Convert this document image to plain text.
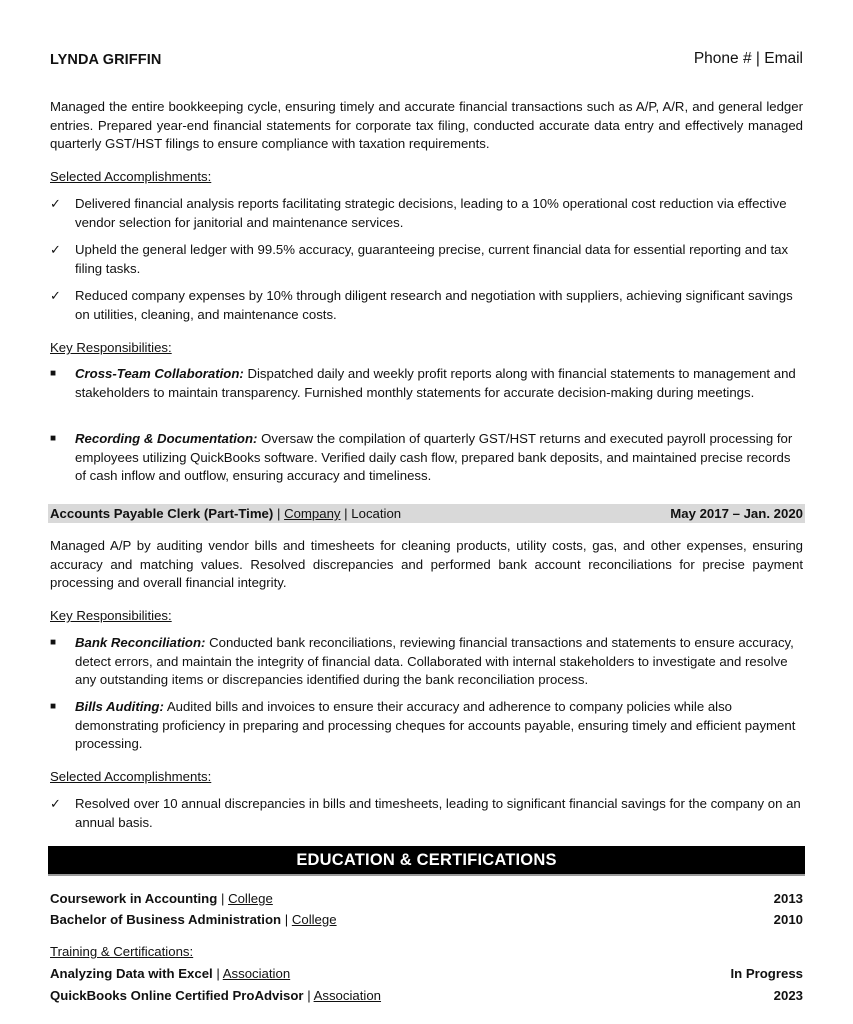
LYNDA GRIFFIN	Phone # | Email
Managed the entire bookkeeping cycle, ensuring timely and accurate financial transactions such as A/P, A/R, and general ledger entries. Prepared year-end financial statements for corporate tax filing, conducted accurate data entry and effectively managed quarterly GST/HST filings to ensure compliance with taxation requirements.
Selected Accomplishments:
✓	Delivered financial analysis reports facilitating strategic decisions, leading to a 10% operational cost reduction via effective vendor selection for janitorial and maintenance services.
✓	Upheld the general ledger with 99.5% accuracy, guaranteeing precise, current financial data for essential reporting and tax filing tasks.
✓	Reduced company expenses by 10% through diligent research and negotiation with suppliers, achieving significant savings on utilities, cleaning, and maintenance costs.
Key Responsibilities:
■	Cross-Team Collaboration: Dispatched daily and weekly profit reports along with financial statements to management and stakeholders to maintain transparency. Furnished monthly statements for accurate decision-making during meetings.
■	Recording & Documentation: Oversaw the compilation of quarterly GST/HST returns and executed payroll processing for employees utilizing QuickBooks software. Verified daily cash flow, prepared bank deposits, and maintained precise records of cash inflow and outflow, ensuring accuracy and timeliness.
Accounts Payable Clerk (Part-Time) | Company | Location	May 2017 – Jan. 2020
Managed A/P by auditing vendor bills and timesheets for cleaning products, utility costs, gas, and other expenses, ensuring accuracy and matching values. Resolved discrepancies and performed bank account reconciliations for precise payment processing and overall financial integrity.
Key Responsibilities:
■	Bank Reconciliation: Conducted bank reconciliations, reviewing financial transactions and statements to ensure accuracy, detect errors, and maintain the integrity of financial data. Collaborated with internal stakeholders to investigate and resolve any outstanding items or discrepancies identified during the bank reconciliation process.
■	Bills Auditing: Audited bills and invoices to ensure their accuracy and adherence to company policies while also demonstrating proficiency in preparing and processing cheques for accounts payable, ensuring timely and efficient payment processing.
Selected Accomplishments:
✓	Resolved over 10 annual discrepancies in bills and timesheets, leading to significant financial savings for the company on an annual basis.
EDUCATION & CERTIFICATIONS
Coursework in Accounting | College	2013
Bachelor of Business Administration | College	2010
Training & Certifications:
Analyzing Data with Excel | Association	In Progress
QuickBooks Online Certified ProAdvisor | Association	2023
